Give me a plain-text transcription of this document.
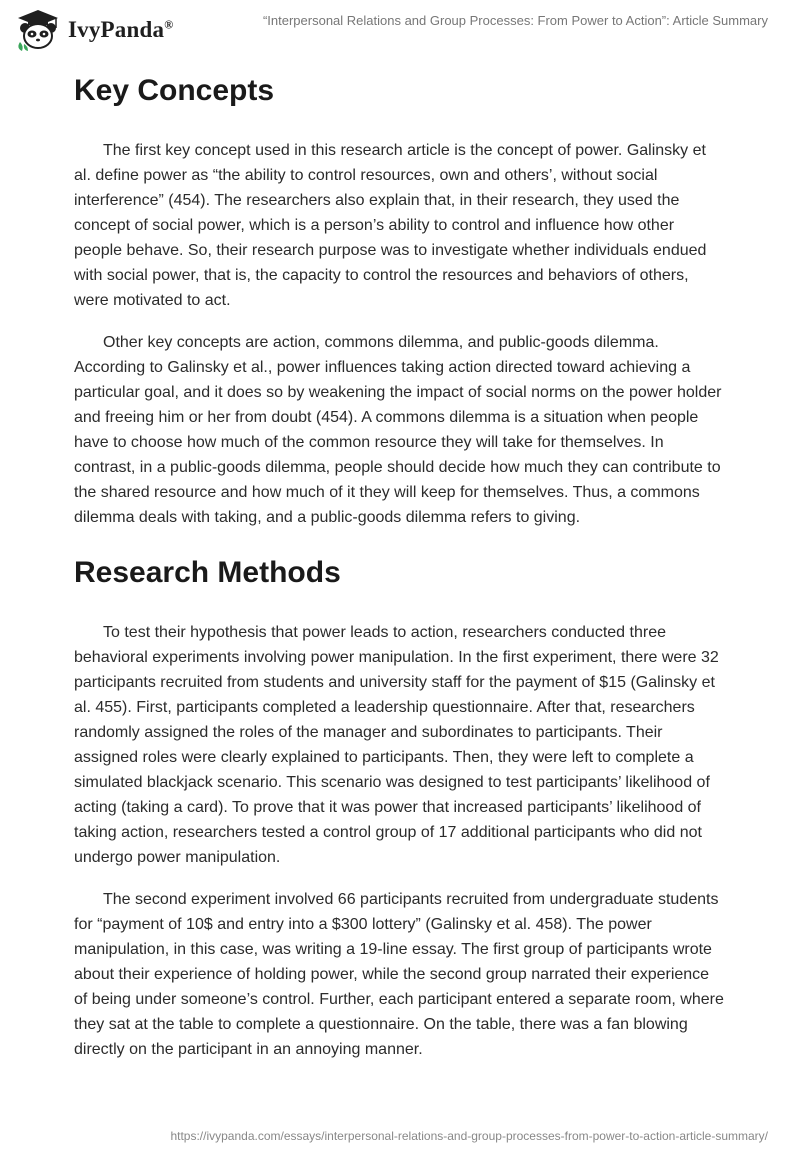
IvyPanda®	“Interpersonal Relations and Group Processes: From Power to Action”: Article Summary
Key Concepts

The first key concept used in this research article is the concept of power. Galinsky et al. define power as “the ability to control resources, own and others’, without social interference” (454). The researchers also explain that, in their research, they used the concept of social power, which is a person’s ability to control and influence how other people behave. So, their research purpose was to investigate whether individuals endued with social power, that is, the capacity to control the resources and behaviors of others, were motivated to act.

Other key concepts are action, commons dilemma, and public-goods dilemma. According to Galinsky et al., power influences taking action directed toward achieving a particular goal, and it does so by weakening the impact of social norms on the power holder and freeing him or her from doubt (454). A commons dilemma is a situation when people have to choose how much of the common resource they will take for themselves. In contrast, in a public-goods dilemma, people should decide how much they can contribute to the shared resource and how much of it they will keep for themselves. Thus, a commons dilemma deals with taking, and a public-goods dilemma refers to giving.

Research Methods

To test their hypothesis that power leads to action, researchers conducted three behavioral experiments involving power manipulation. In the first experiment, there were 32 participants recruited from students and university staff for the payment of $15 (Galinsky et al. 455). First, participants completed a leadership questionnaire. After that, researchers randomly assigned the roles of the manager and subordinates to participants. Their assigned roles were clearly explained to participants. Then, they were left to complete a simulated blackjack scenario. This scenario was designed to test participants’ likelihood of acting (taking a card). To prove that it was power that increased participants’ likelihood of taking action, researchers tested a control group of 17 additional participants who did not undergo power manipulation.

The second experiment involved 66 participants recruited from undergraduate students for “payment of 10$ and entry into a $300 lottery” (Galinsky et al. 458). The power manipulation, in this case, was writing a 19-line essay. The first group of participants wrote about their experience of holding power, while the second group narrated their experience of being under someone’s control. Further, each participant entered a separate room, where they sat at the table to complete a questionnaire. On the table, there was a fan blowing directly on the participant in an annoying manner.

https://ivypanda.com/essays/interpersonal-relations-and-group-processes-from-power-to-action-article-summary/
